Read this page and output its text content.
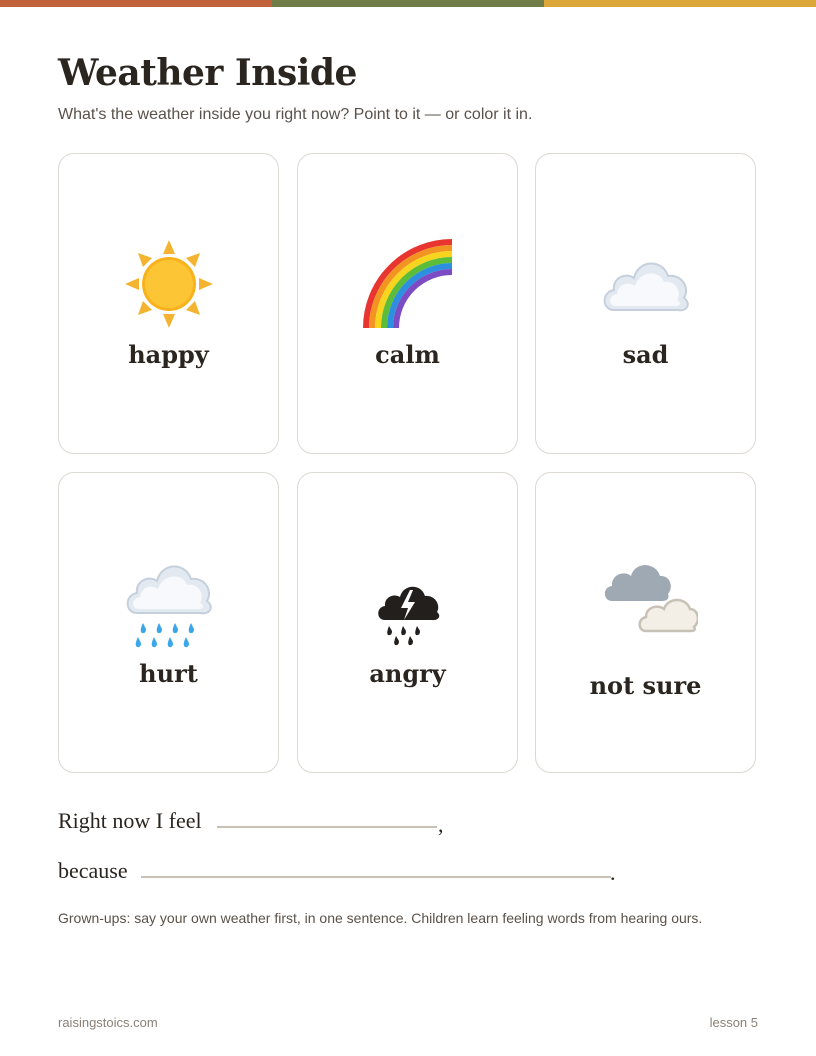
Weather Inside

What's the weather inside you right now? Point to it — or color it in.

happy	calm	sad
hurt	angry	not sure
Right now I feel	,
because	.

Grown-ups: say your own weather first, in one sentence. Children learn feeling words from hearing ours.

raisingstoics.com	lesson 5
